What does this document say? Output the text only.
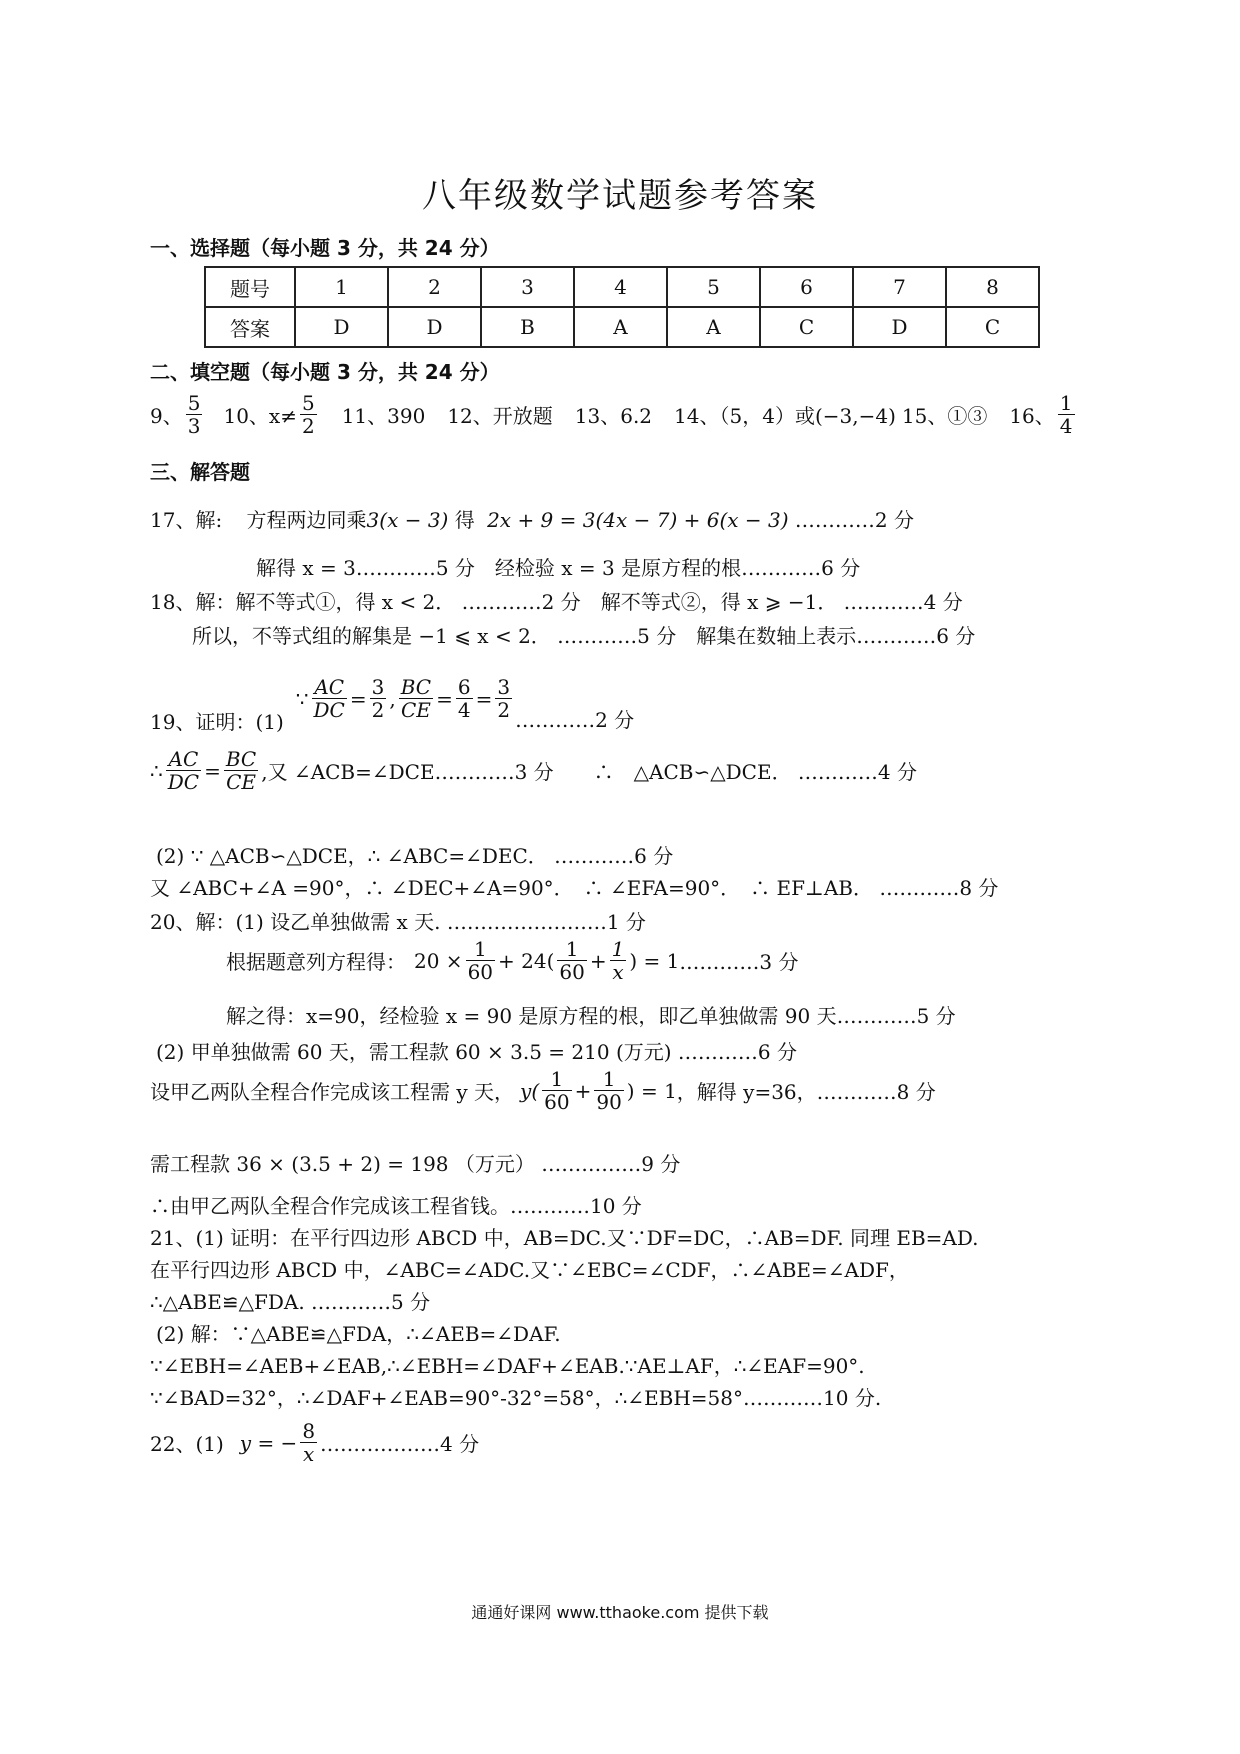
八年级数学试题参考答案
一、选择题（每小题 3 分，共 24 分）
题号	1	2	3	4	5	6	7	8
答案	D	D	B	A	A	C	D	C
二、填空题（每小题 3 分，共 24 分）
9、 $\frac{5}{3} 10$、$x\ne \frac{5}{2} 11$、390 12、开放题 13、6.2 14、（5，4）或(−3,−4) 15、①③ 16、 $\frac{1}{4}$
三、解答题
17、解: 方程两边同乘3(x − 3) 得 2x + 9 = 3(4x − 7) + 6(x − 3) …………2 分
解得 x = 3…………5 分　经检验 x = 3 是原方程的根…………6 分
18、解：解不等式①，得 x < 2． …………2 分　解不等式②，得 x ⩾ −1． …………4 分
所以，不等式组的解集是 −1 ⩽ x < 2． …………5 分　解集在数轴上表示…………6 分
19、证明：(1)
∵ $\frac{AC}{DC} = \frac{3}{2}$ , $\frac{BC}{CE} = \frac{6}{4} = \frac{3}{2}$ …………2 分
∴ $\frac{AC}{DC} = \frac{BC}{CE}$ ,又 ∠ACB=∠DCE…………3 分　　∴　△ACB∽△DCE． …………4 分
(2) ∵ △ACB∽△DCE，∴ ∠ABC=∠DEC． …………6 分
又 ∠ABC+∠A =90°，∴ ∠DEC+∠A=90°．　∴ ∠EFA=90°．　∴ EF⊥AB． …………8 分
20、解：(1) 设乙单独做需 x 天. ……………………1 分
根据题意列方程得： $20 \times \frac{1}{60} + 24( \frac{1}{60} + \frac{1}{x}$ ) = 1 …………3 分
解之得：x=90，经检验 x = 90 是原方程的根，即乙单独做需 90 天…………5 分
(2) 甲单独做需 60 天，需工程款 60 × 3.5 = 210 (万元) …………6 分
设甲乙两队全程合作完成该工程需 y 天， $y( \frac{1}{60} + \frac{1}{90}$ ) = 1 ，解得 y=36，…………8 分
需工程款 36 × (3.5 + 2) = 198 （万元） ……………9 分
∴由甲乙两队全程合作完成该工程省钱。…………10 分
21、(1) 证明：在平行四边形 ABCD 中，AB=DC.又∵DF=DC，∴AB=DF. 同理 EB=AD.
在平行四边形 ABCD 中，∠ABC=∠ADC.又∵∠EBC=∠CDF，∴∠ABE=∠ADF，
∴△ABE≌△FDA. …………5 分
(2) 解：∵△ABE≌△FDA，∴∠AEB=∠DAF.
∵∠EBH=∠AEB+∠EAB,∴∠EBH=∠DAF+∠EAB.∵AE⊥AF，∴∠EAF=90°.
∵∠BAD=32°，∴∠DAF+∠EAB=90°-32°=58°，∴∠EBH=58°…………10 分.
22、(1) y = − $\frac{8}{x}$ ………………4 分
通通好课网 www.tthaoke.com 提供下载
